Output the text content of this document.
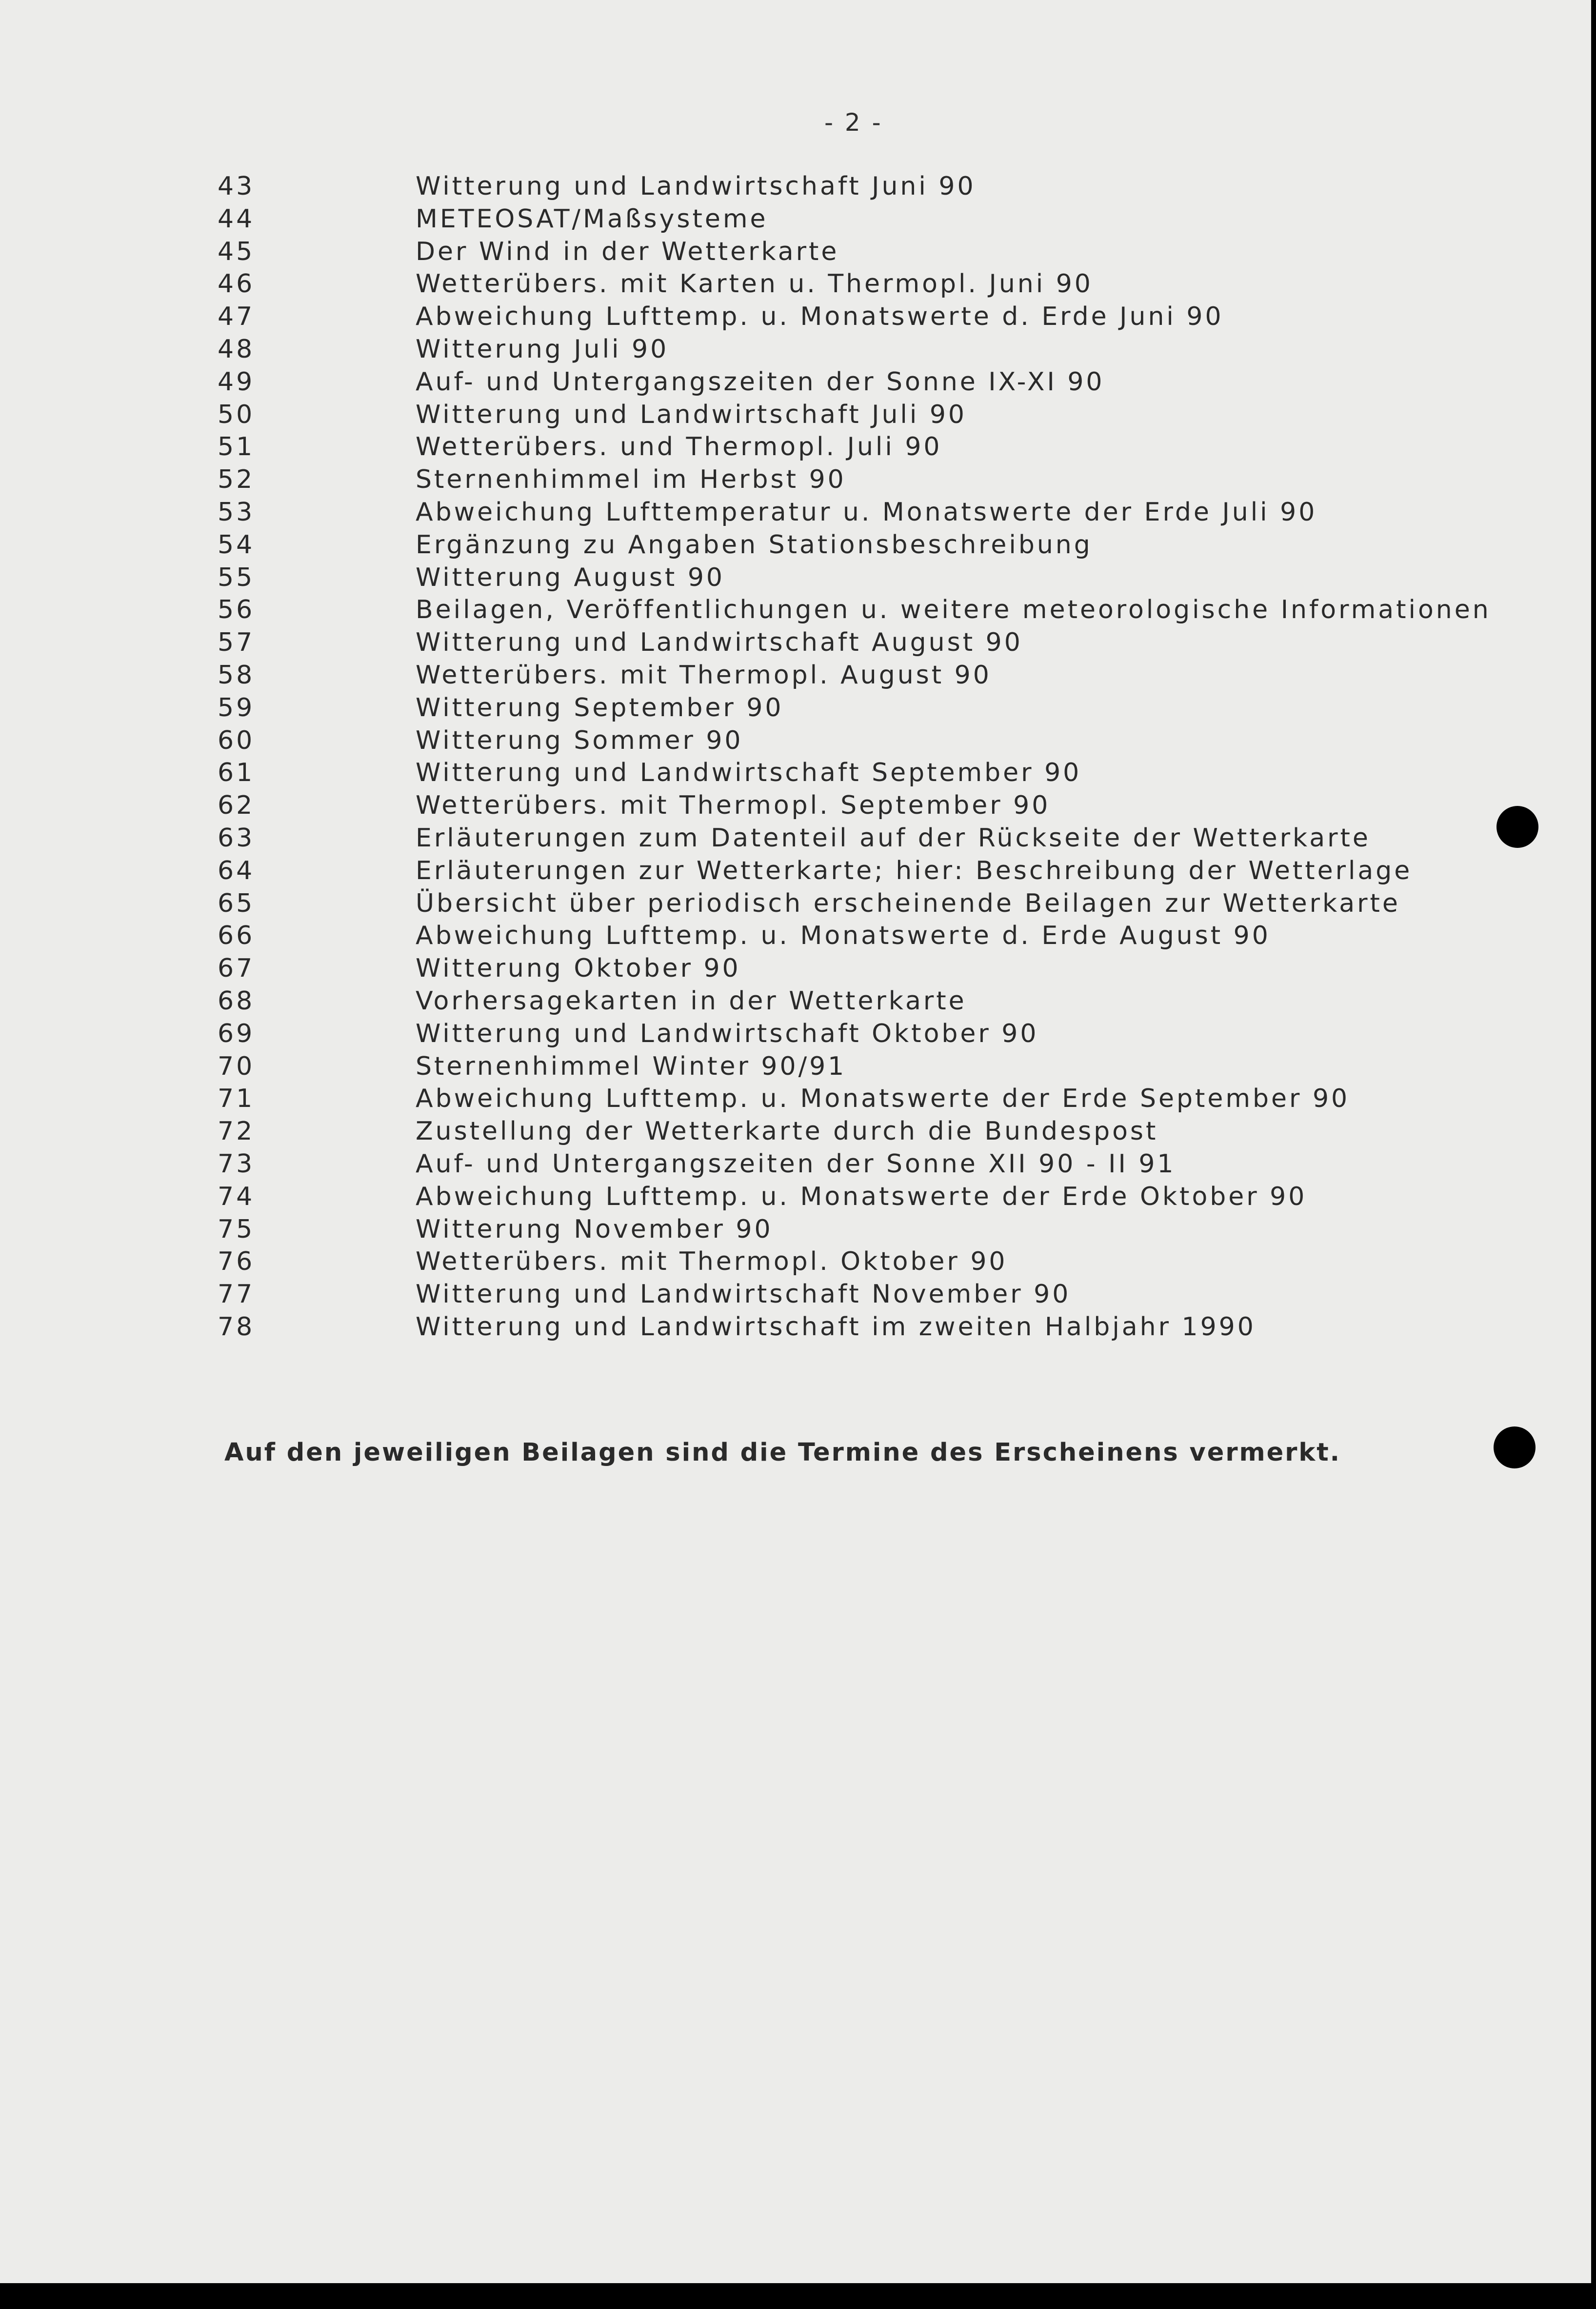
- 2 -
43	Witterung und Landwirtschaft Juni 90
44	METEOSAT/Maßsysteme
45	Der Wind in der Wetterkarte
46	Wetterübers. mit Karten u. Thermopl. Juni 90
47	Abweichung Lufttemp. u. Monatswerte d. Erde Juni 90
48	Witterung Juli 90
49	Auf- und Untergangszeiten der Sonne IX-XI 90
50	Witterung und Landwirtschaft Juli 90
51	Wetterübers. und Thermopl. Juli 90
52	Sternenhimmel im Herbst 90
53	Abweichung Lufttemperatur u. Monatswerte der Erde Juli 90
54	Ergänzung zu Angaben Stationsbeschreibung
55	Witterung August 90
56	Beilagen, Veröffentlichungen u. weitere meteorologische Informationen
57	Witterung und Landwirtschaft August 90
58	Wetterübers. mit Thermopl. August 90
59	Witterung September 90
60	Witterung Sommer 90
61	Witterung und Landwirtschaft September 90
62	Wetterübers. mit Thermopl. September 90
63	Erläuterungen zum Datenteil auf der Rückseite der Wetterkarte
64	Erläuterungen zur Wetterkarte; hier: Beschreibung der Wetterlage
65	Übersicht über periodisch erscheinende Beilagen zur Wetterkarte
66	Abweichung Lufttemp. u. Monatswerte d. Erde August 90
67	Witterung Oktober 90
68	Vorhersagekarten in der Wetterkarte
69	Witterung und Landwirtschaft Oktober 90
70	Sternenhimmel Winter 90/91
71	Abweichung Lufttemp. u. Monatswerte der Erde September 90
72	Zustellung der Wetterkarte durch die Bundespost
73	Auf- und Untergangszeiten der Sonne XII 90 - II 91
74	Abweichung Lufttemp. u. Monatswerte der Erde Oktober 90
75	Witterung November 90
76	Wetterübers. mit Thermopl. Oktober 90
77	Witterung und Landwirtschaft November 90
78	Witterung und Landwirtschaft im zweiten Halbjahr 1990
Auf den jeweiligen Beilagen sind die Termine des Erscheinens vermerkt.
